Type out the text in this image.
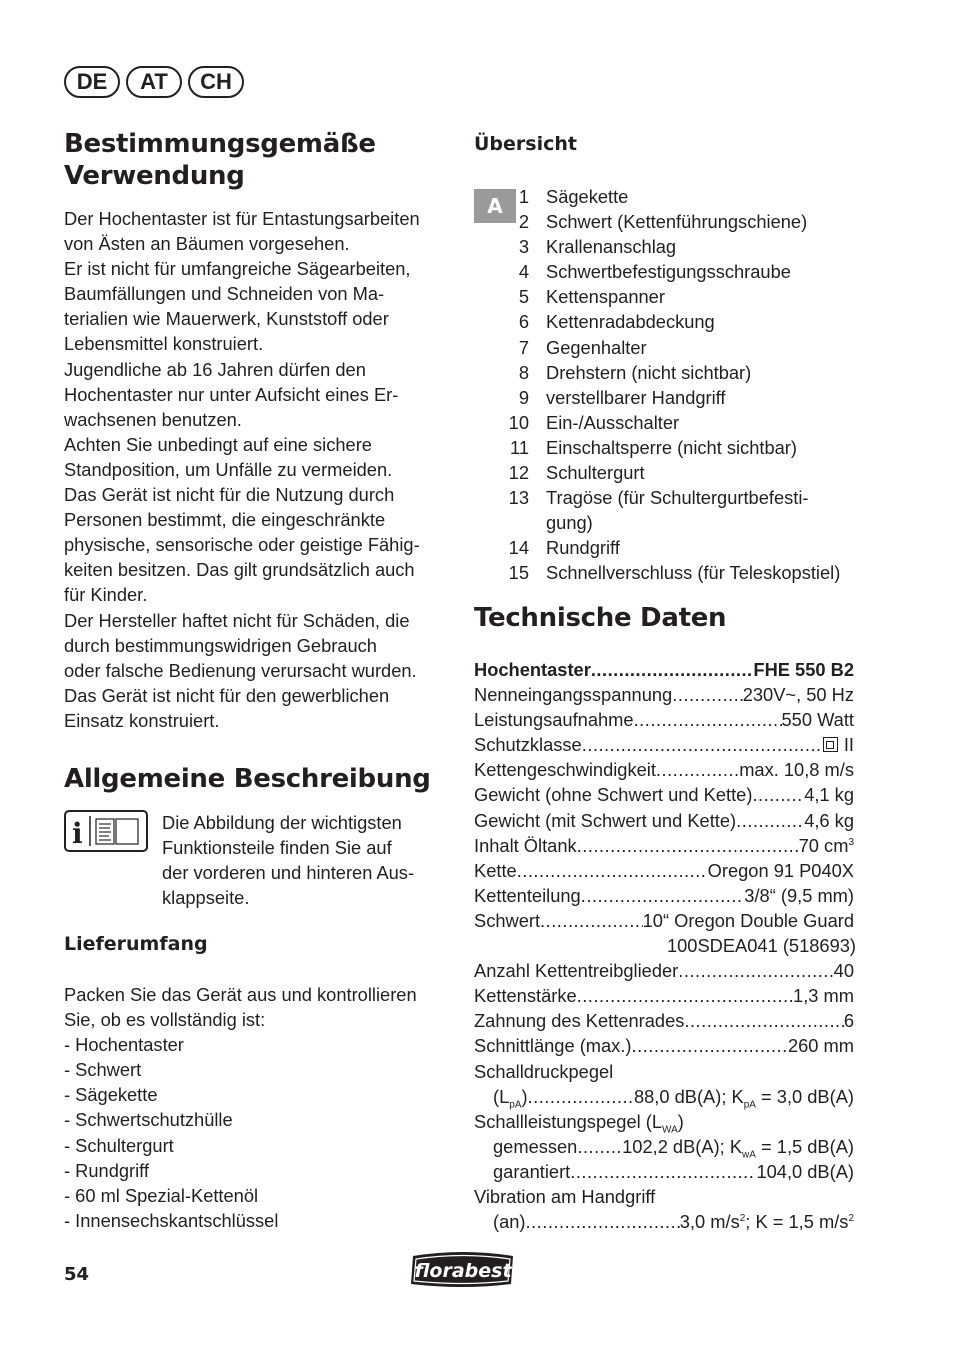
DE	AT	CH
Bestimmungsgemäße
Verwendung
Der Hochentaster ist für Entastungsarbeiten
von Ästen an Bäumen vorgesehen.
Er ist nicht für umfangreiche Sägearbeiten,
Baumfällungen und Schneiden von Ma-
terialien wie Mauerwerk, Kunststoff oder
Lebensmittel konstruiert.
Jugendliche ab 16 Jahren dürfen den
Hochentaster nur unter Aufsicht eines Er-
wachsenen benutzen.
Achten Sie unbedingt auf eine sichere
Standposition, um Unfälle zu vermeiden.
Das Gerät ist nicht für die Nutzung durch
Personen bestimmt, die eingeschränkte
physische, sensorische oder geistige Fähig-
keiten besitzen. Das gilt grundsätzlich auch
für Kinder.
Der Hersteller haftet nicht für Schäden, die
durch bestimmungswidrigen Gebrauch
oder falsche Bedienung verursacht wurden.
Das Gerät ist nicht für den gewerblichen
Einsatz konstruiert.
Allgemeine Beschreibung
i	Die Abbildung der wichtigsten
Funktionsteile finden Sie auf
der vorderen und hinteren Aus-
klappseite.
Lieferumfang
Packen Sie das Gerät aus und kontrollieren
Sie, ob es vollständig ist:
- Hochentaster
- Schwert
- Sägekette
- Schwertschutzhülle
- Schultergurt
- Rundgriff
- 60 ml Spezial-Kettenöl
- Innensechskantschlüssel
Übersicht
1 Sägekette
2 Schwert (Kettenführungschiene)
3 Krallenanschlag
4 Schwertbefestigungsschraube
5 Kettenspanner
6 Kettenradabdeckung
7 Gegenhalter
8 Drehstern (nicht sichtbar)
9 verstellbarer Handgriff
10 Ein-/Ausschalter
11 Einschaltsperre (nicht sichtbar)
12 Schultergurt
13 Tragöse (für Schultergurtbefesti-
gung)
14 Rundgriff
15 Schnellverschluss (für Teleskopstiel)
A
Technische Daten
Hochentaster .....	FHE 550 B2
Nenneingangsspannung .....	230V~, 50 Hz
Leistungsaufnahme .....	550 Watt
Schutzklasse .....	II
Kettengeschwindigkeit .....	max. 10,8 m/s
Gewicht (ohne Schwert und Kette) .....	4,1 kg
Gewicht (mit Schwert und Kette) .....	4,6 kg
Inhalt Öltank .....	70 $cm^3$
Kette .....	Oregon 91 P040X
Kettenteilung .....	3/8“ (9,5 mm)
Schwert .....	10“ Oregon Double Guard
100SDEA041 (518693)
Anzahl Kettentreibglieder .....	40
Kettenstärke .....	1,3 mm
Zahnung des Kettenrades .....	6
Schnittlänge (max.) .....	260 mm
Schalldruckpegel
$(L_{pA})$ .....	88,0 dB(A); $K_{pA} = 3,0$ dB(A)
Schallleistungspegel $(L_{WA})$
gemessen ..... 102,2 dB(A); $K_{wA} = 1,5$ dB(A)
garantiert .....	104,0 dB(A)
Vibration am Handgriff
(an) .....	3,0 $m/s^2$; K = 1,5 $m/s^2$
54	florabest
